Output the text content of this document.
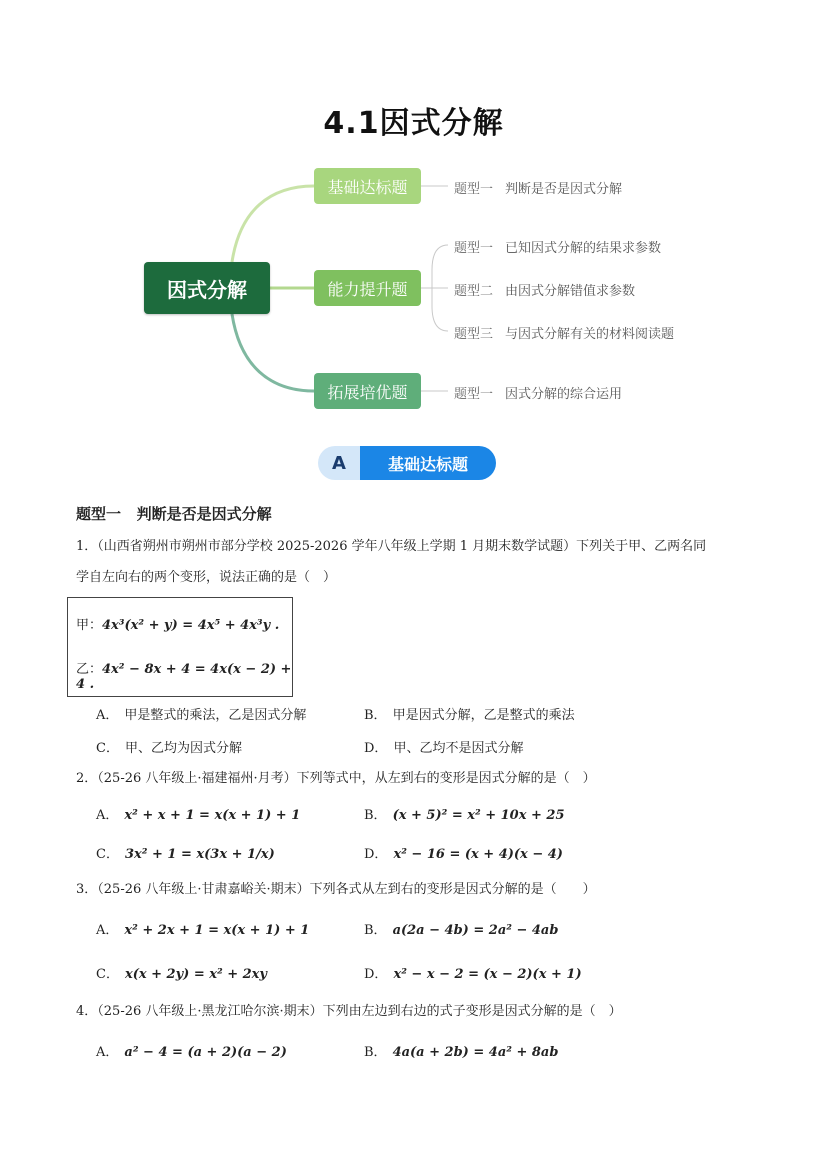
4.1因式分解
因式分解
基础达标题
能力提升题
拓展培优题
题型一 判断是否是因式分解
题型一 已知因式分解的结果求参数
题型二 由因式分解错值求参数
题型三 与因式分解有关的材料阅读题
题型一 因式分解的综合运用
A	基础达标题
题型一   判断是否是因式分解
1．（山西省朔州市朔州市部分学校 2025-2026 学年八年级上学期 1 月期末数学试题）下列关于甲、乙两名同
学自左向右的两个变形，说法正确的是（　）
甲：4x³(x² + y) = 4x⁵ + 4x³y .
乙：4x² − 8x + 4 = 4x(x − 2) + 4 .
A． 甲是整式的乘法，乙是因式分解	B． 甲是因式分解，乙是整式的乘法
C． 甲、乙均为因式分解	D． 甲、乙均不是因式分解
2．（25-26 八年级上·福建福州·月考）下列等式中，从左到右的变形是因式分解的是（　）
A． x² + x + 1 = x(x + 1) + 1	B． (x + 5)² = x² + 10x + 25
C． 3x² + 1 = x(3x + 1/x)	D． x² − 16 = (x + 4)(x − 4)
3．（25-26 八年级上·甘肃嘉峪关·期末）下列各式从左到右的变形是因式分解的是（　　）
A． x² + 2x + 1 = x(x + 1) + 1	B． a(2a − 4b) = 2a² − 4ab
C． x(x + 2y) = x² + 2xy	D． x² − x − 2 = (x − 2)(x + 1)
4．（25-26 八年级上·黑龙江哈尔滨·期末）下列由左边到右边的式子变形是因式分解的是（　）
A． a² − 4 = (a + 2)(a − 2)	B． 4a(a + 2b) = 4a² + 8ab
